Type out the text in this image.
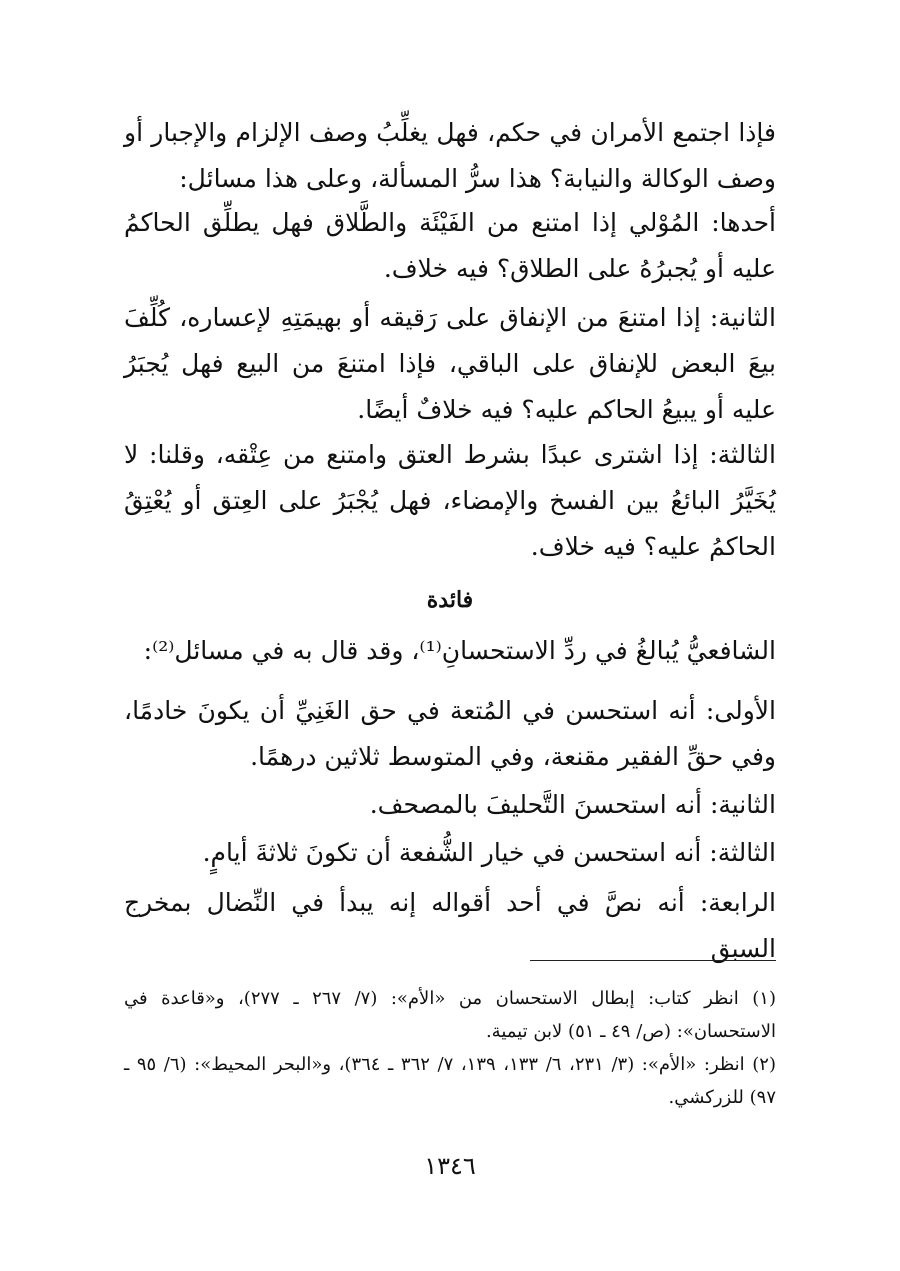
فإذا اجتمع الأمران في حكم، فهل يغلِّبُ وصف الإلزام والإجبار أو وصف الوكالة والنيابة؟ هذا سرُّ المسألة، وعلى هذا مسائل:

أحدها: المُوْلي إذا امتنع من الفَيْئَة والطَّلاق فهل يطلِّق الحاكمُ عليه أو يُجبرُهُ على الطلاق؟ فيه خلاف.

الثانية: إذا امتنعَ من الإنفاق على رَقيقه أو بهيمَتِهِ لإعساره، كُلِّفَ بيعَ البعض للإنفاق على الباقي، فإذا امتنعَ من البيع فهل يُجبَرُ عليه أو يبيعُ الحاكم عليه؟ فيه خلافٌ أيضًا.

الثالثة: إذا اشترى عبدًا بشرط العتق وامتنع من عِتْقه، وقلنا: لا يُخَيَّرُ البائعُ بين الفسخ والإمضاء، فهل يُجْبَرُ على العِتق أو يُعْتِقُ الحاكمُ عليه؟ فيه خلاف.

فائدة

الشافعيُّ يُبالغُ في ردِّ الاستحسانِ⁽¹⁾، وقد قال به في مسائل⁽²⁾:

الأولى: أنه استحسن في المُتعة في حق الغَنِيِّ أن يكونَ خادمًا، وفي حقِّ الفقير مقنعة، وفي المتوسط ثلاثين درهمًا.

الثانية: أنه استحسنَ التَّحليفَ بالمصحف.

الثالثة: أنه استحسن في خيار الشُّفعة أن تكونَ ثلاثةَ أيامٍ.

الرابعة: أنه نصَّ في أحد أقواله إنه يبدأ في النِّضال بمخرج السبق

(١) انظر كتاب: إبطال الاستحسان من «الأم»: (٧/ ٢٦٧ ـ ٢٧٧)، و«قاعدة في الاستحسان»: (ص/ ٤٩ ـ ٥١) لابن تيمية.

(٢) انظر: «الأم»: (٣/ ٢٣١، ٦/ ١٣٣، ١٣٩، ٧/ ٣٦٢ ـ ٣٦٤)، و«البحر المحيط»: (٦/ ٩٥ ـ ٩٧) للزركشي.

١٣٤٦
